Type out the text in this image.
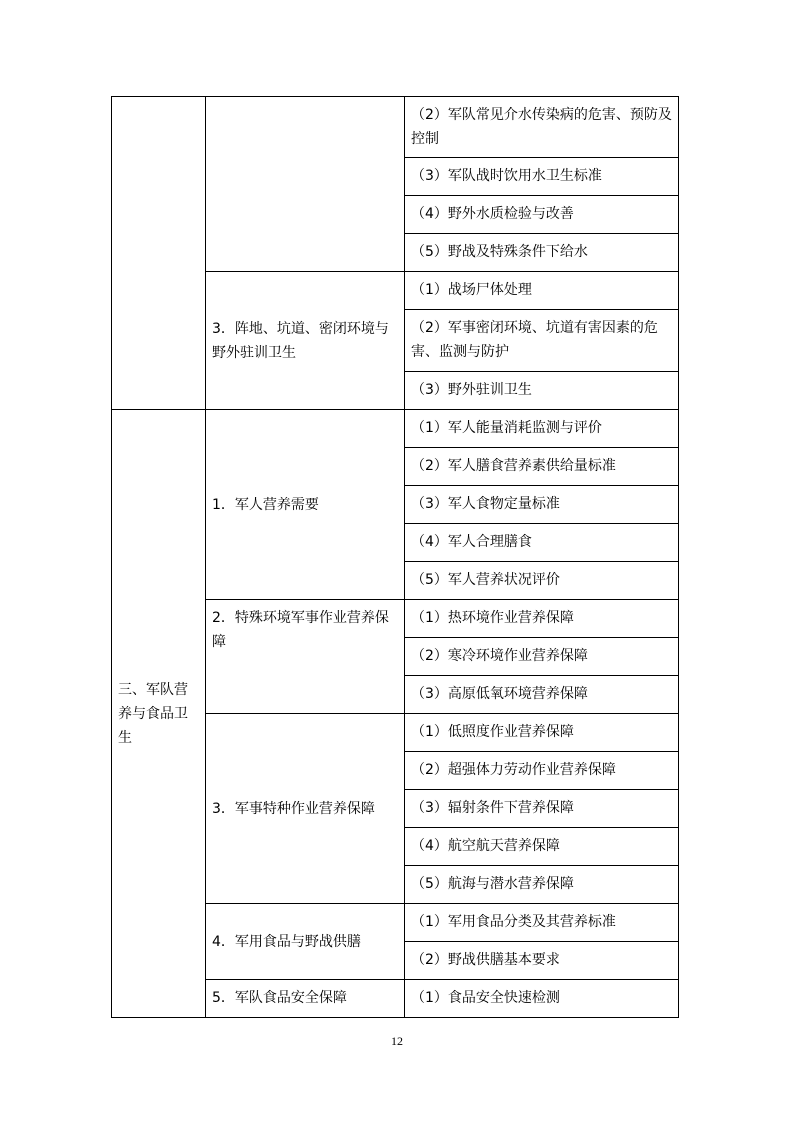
		（2）军队常见介水传染病的危害、预防及控制
		（3）军队战时饮用水卫生标准
		（4）野外水质检验与改善
		（5）野战及特殊条件下给水
	3．阵地、坑道、密闭环境与野外驻训卫生	（1）战场尸体处理
		（2）军事密闭环境、坑道有害因素的危害、监测与防护
		（3）野外驻训卫生
三、军队营养与食品卫生	1．军人营养需要	（1）军人能量消耗监测与评价
		（2）军人膳食营养素供给量标准
		（3）军人食物定量标准
		（4）军人合理膳食
		（5）军人营养状况评价
	2．特殊环境军事作业营养保障	（1）热环境作业营养保障
		（2）寒冷环境作业营养保障
		（3）高原低氧环境营养保障
	3．军事特种作业营养保障	（1）低照度作业营养保障
		（2）超强体力劳动作业营养保障
		（3）辐射条件下营养保障
		（4）航空航天营养保障
		（5）航海与潜水营养保障
	4．军用食品与野战供膳	（1）军用食品分类及其营养标准
		（2）野战供膳基本要求
	5．军队食品安全保障	（1）食品安全快速检测
12
